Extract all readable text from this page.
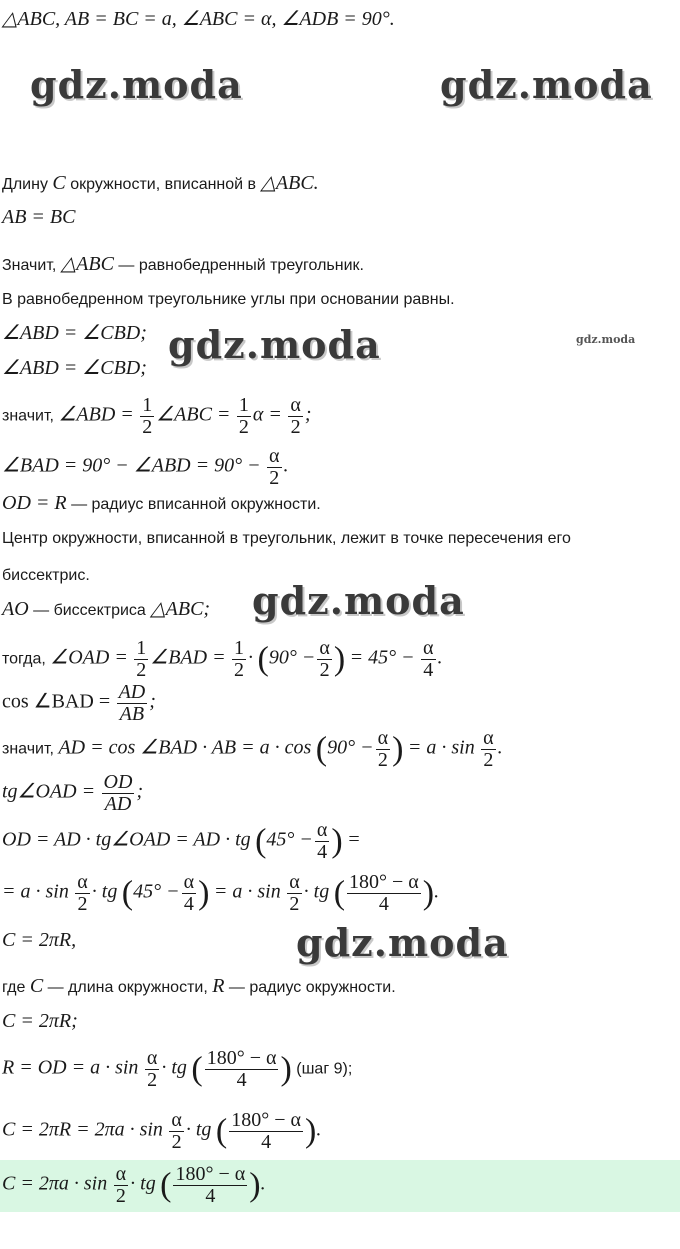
gdz.moda	gdz.moda
gdz.moda	gdz.moda
gdz.moda
gdz.moda
△ABC, AB = BC = a, ∠ABC = α, ∠ADB = 90°.
Длину C окружности, вписанной в △ABC.
AB = BC
Значит, △ABC — равнобедренный треугольник.
В равнобедренном треугольнике углы при основании равны.
∠ABD = ∠CBD;
∠ABD = ∠CBD;
значит, ∠ABD = $\frac{1}{2}$ ∠ABC = $\frac{1}{2}$ $\alpha = \frac{\alpha}{2}$ ;
∠BAD = 90° − ∠ABD = $90^\circ - \frac{\alpha}{2}$ .
OD = R — радиус вписанной окружности.
Центр окружности, вписанной в треугольник, лежит в точке пересечения его
биссектрис.
AO — биссектриса △ABC;
тогда, ∠OAD = $\frac{1}{2}$ ∠BAD = $\frac{1}{2} \cdot (90^\circ - \frac{\alpha}{2}$ ) = $45^\circ - \frac{\alpha}{4}$ .
cos ∠BAD = $\frac{AD}{AB}$ ;
значит, AD = cos ∠BAD · AB = $a \cdot \cos (90^\circ - \frac{\alpha}{2}$ ) = $a \cdot \sin \frac{\alpha}{2}$ .
tg∠OAD = $\frac{OD}{AD}$ ;
OD = AD · tg∠OAD = AD · tg ($45^\circ - \frac{\alpha}{4}$ ) =
= $a \cdot \sin \frac{\alpha}{2}$ · tg ($45^\circ - \frac{\alpha}{4}$ ) = $a \cdot \sin \frac{\alpha}{2}$ · tg ( $\frac{180^\circ - \alpha}{4}$ ).
C = 2πR,
где C — длина окружности, R — радиус окружности.
C = 2πR;
R = OD = $a \cdot \sin \frac{\alpha}{2}$ · tg ( $\frac{180^\circ - \alpha}{4}$ ) (шаг 9);
$C = 2\pi R = 2\pi a \cdot \sin \frac{\alpha}{2}$ · tg ( $\frac{180^\circ - \alpha}{4}$ ).
$C = 2\pi a \cdot \sin \frac{\alpha}{2}$ · tg ( $\frac{180^\circ - \alpha}{4}$ ).
